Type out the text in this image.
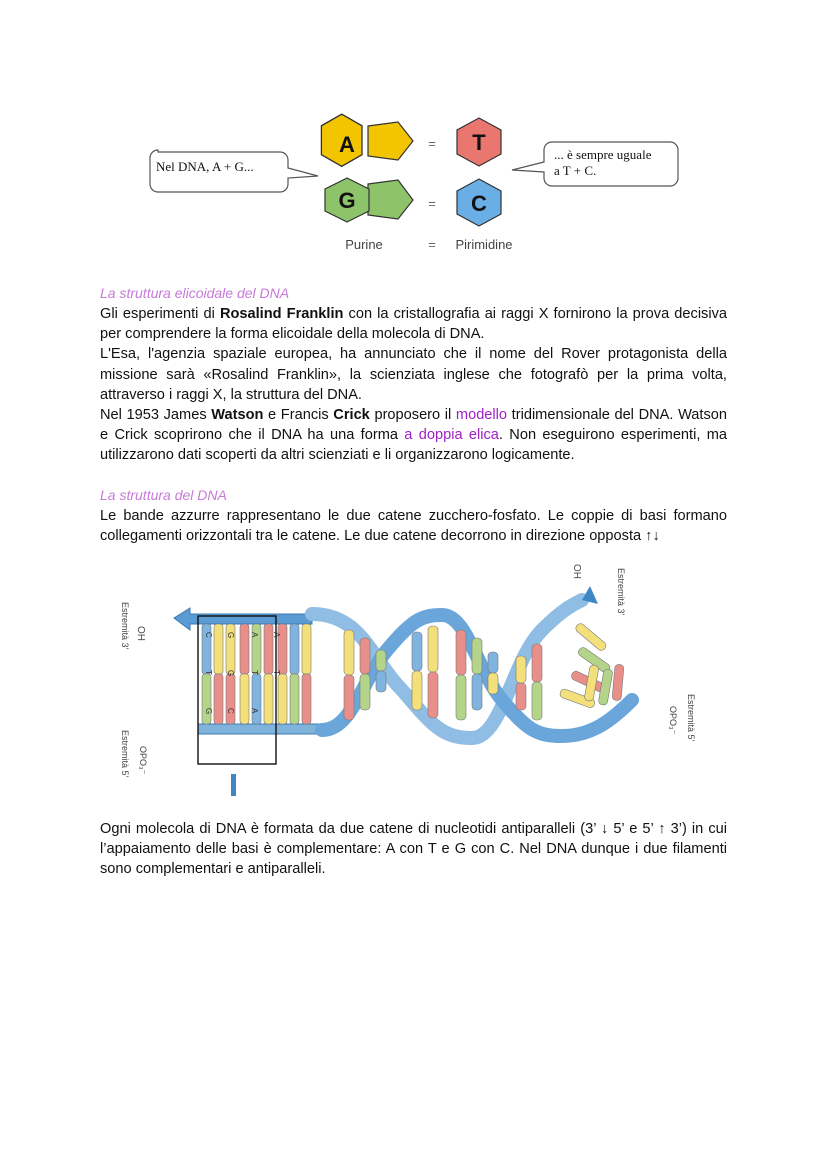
Nel DNA, A + G...
A	= T
G	= C
... è sempre uguale
a T + C.
Purine	= Pirimidine
La struttura elicoidale del DNA

Gli esperimenti di Rosalind Franklin con la cristallografia ai raggi X fornirono la prova decisiva per comprendere la forma elicoidale della molecola di DNA.

L'Esa, l'agenzia spaziale europea, ha annunciato che il nome del Rover protagonista della missione sarà «Rosalind Franklin», la scienziata inglese che fotografò per la prima volta, attraverso i raggi X, la struttura del DNA.

Nel 1953 James Watson e Francis Crick proposero il modello tridimensionale del DNA. Watson e Crick scoprirono che il DNA ha una forma a doppia elica. Non eseguirono esperimenti, ma utilizzarono dati scoperti da altri scienziati e li organizzarono logicamente.

La struttura del DNA

Le bande azzurre rappresentano le due catene zucchero-fosfato. Le coppie di basi formano collegamenti orizzontali tra le catene. Le due catene decorrono in direzione opposta ↑↓

Estremità 3' OH
Estremità 5' OPO₃⁻
OH	Estremità 3'
Estremità 5'
OPO₃⁻
C G A A
T G T T
G C A

Ogni molecola di DNA è formata da due catene di nucleotidi antiparalleli (3’ ↓ 5’ e 5’ ↑ 3’) in cui l’appaiamento delle basi è complementare: A con T e G con C. Nel DNA dunque i due filamenti sono complementari e antiparalleli.
